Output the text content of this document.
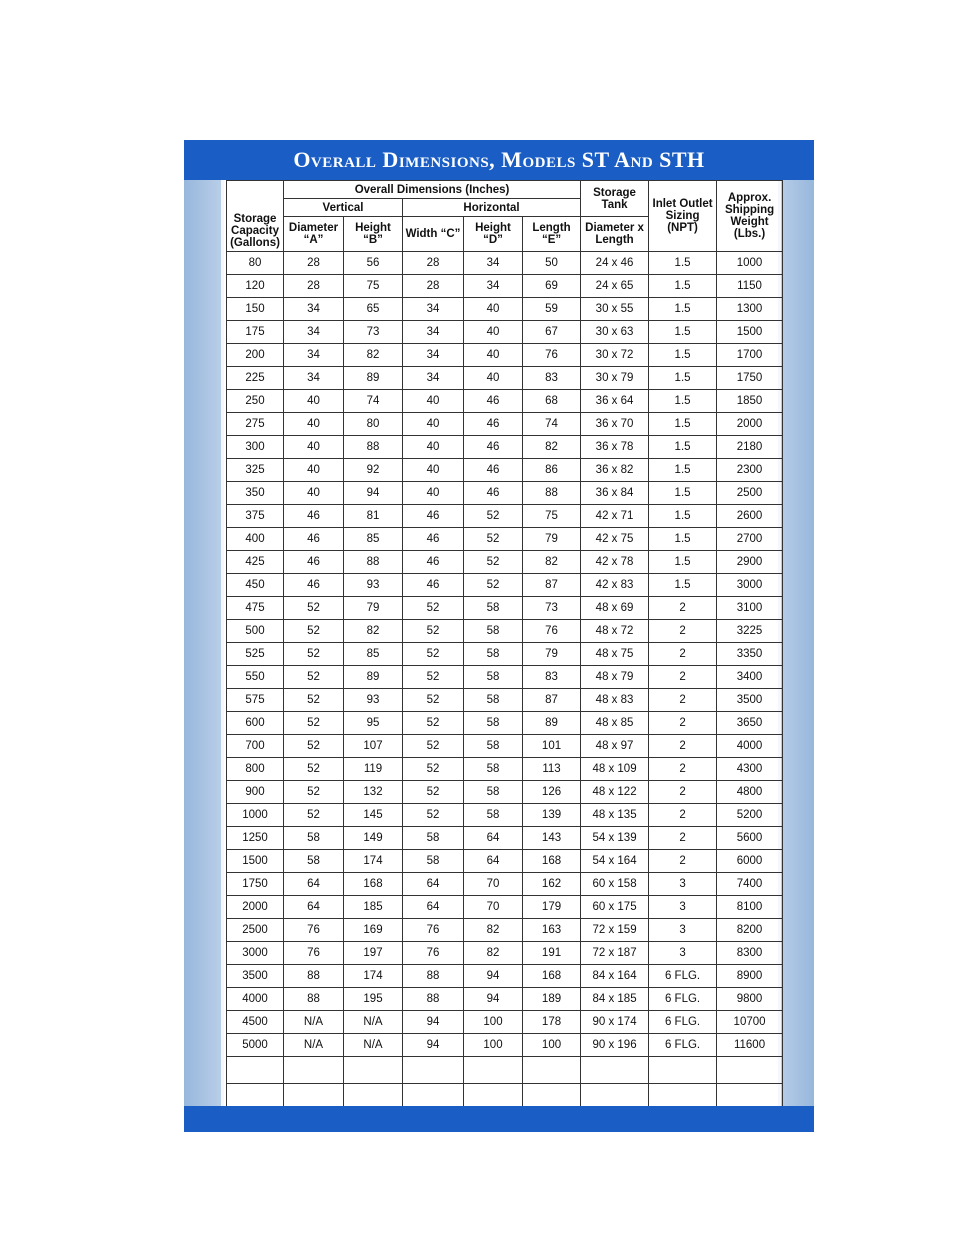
Overall Dimensions, Models ST And STH
Storage Capacity (Gallons)	Overall Dimensions (Inches)					Storage Tank	Inlet Outlet Sizing (NPT)	Approx. Shipping Weight (Lbs.)
	Vertical		Horizontal					
	Diameter “A”	Height “B”	Width “C”	Height “D”	Length “E”	Diameter x Length		
80	28	56	28	34	50	24 x 46	1.5	1000
120	28	75	28	34	69	24 x 65	1.5	1150
150	34	65	34	40	59	30 x 55	1.5	1300
175	34	73	34	40	67	30 x 63	1.5	1500
200	34	82	34	40	76	30 x 72	1.5	1700
225	34	89	34	40	83	30 x 79	1.5	1750
250	40	74	40	46	68	36 x 64	1.5	1850
275	40	80	40	46	74	36 x 70	1.5	2000
300	40	88	40	46	82	36 x 78	1.5	2180
325	40	92	40	46	86	36 x 82	1.5	2300
350	40	94	40	46	88	36 x 84	1.5	2500
375	46	81	46	52	75	42 x 71	1.5	2600
400	46	85	46	52	79	42 x 75	1.5	2700
425	46	88	46	52	82	42 x 78	1.5	2900
450	46	93	46	52	87	42 x 83	1.5	3000
475	52	79	52	58	73	48 x 69	2	3100
500	52	82	52	58	76	48 x 72	2	3225
525	52	85	52	58	79	48 x 75	2	3350
550	52	89	52	58	83	48 x 79	2	3400
575	52	93	52	58	87	48 x 83	2	3500
600	52	95	52	58	89	48 x 85	2	3650
700	52	107	52	58	101	48 x 97	2	4000
800	52	119	52	58	113	48 x 109	2	4300
900	52	132	52	58	126	48 x 122	2	4800
1000	52	145	52	58	139	48 x 135	2	5200
1250	58	149	58	64	143	54 x 139	2	5600
1500	58	174	58	64	168	54 x 164	2	6000
1750	64	168	64	70	162	60 x 158	3	7400
2000	64	185	64	70	179	60 x 175	3	8100
2500	76	169	76	82	163	72 x 159	3	8200
3000	76	197	76	82	191	72 x 187	3	8300
3500	88	174	88	94	168	84 x 164	6 FLG.	8900
4000	88	195	88	94	189	84 x 185	6 FLG.	9800
4500	N/A	N/A	94	100	178	90 x 174	6 FLG.	10700
5000	N/A	N/A	94	100	100	90 x 196	6 FLG.	11600
